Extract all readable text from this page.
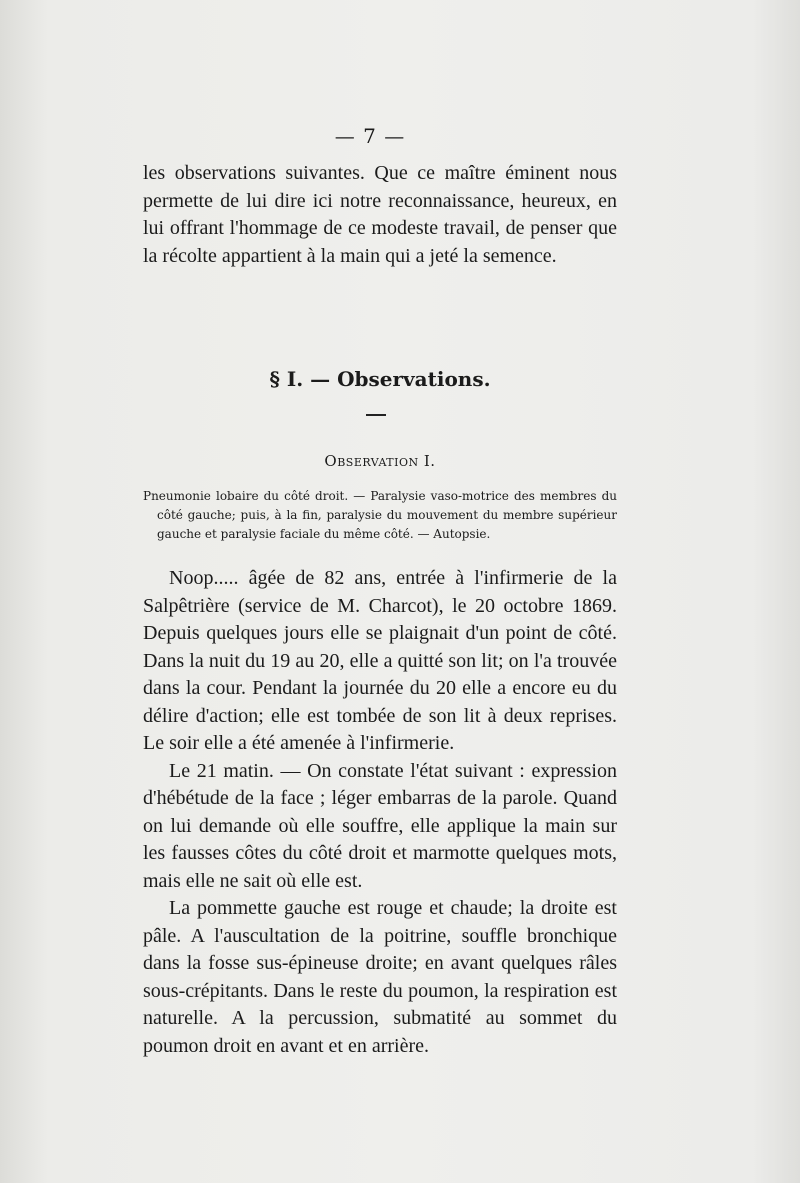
— 7 —

les observations suivantes. Que ce maître éminent nous permette de lui dire ici notre reconnaissance, heureux, en lui offrant l'hommage de ce modeste travail, de penser que la récolte appartient à la main qui a jeté la semence.

§ I. — Observations.
Observation I.

Pneumonie lobaire du côté droit. — Paralysie vaso-motrice des membres du côté gauche; puis, à la fin, paralysie du mouvement du membre supérieur gauche et paralysie faciale du même côté. — Autopsie.

Noop..... âgée de 82 ans, entrée à l'infirmerie de la Salpêtrière (service de M. Charcot), le 20 octobre 1869. Depuis quelques jours elle se plaignait d'un point de côté. Dans la nuit du 19 au 20, elle a quitté son lit; on l'a trouvée dans la cour. Pendant la journée du 20 elle a encore eu du délire d'action; elle est tombée de son lit à deux reprises. Le soir elle a été amenée à l'infirmerie.

Le 21 matin. — On constate l'état suivant : expression d'hébétude de la face ; léger embarras de la parole. Quand on lui demande où elle souffre, elle applique la main sur les fausses côtes du côté droit et marmotte quelques mots, mais elle ne sait où elle est.

La pommette gauche est rouge et chaude; la droite est pâle. A l'auscultation de la poitrine, souffle bronchique dans la fosse sus-épineuse droite; en avant quelques râles sous-crépitants. Dans le reste du poumon, la respiration est naturelle. A la percussion, submatité au sommet du poumon droit en avant et en arrière.
